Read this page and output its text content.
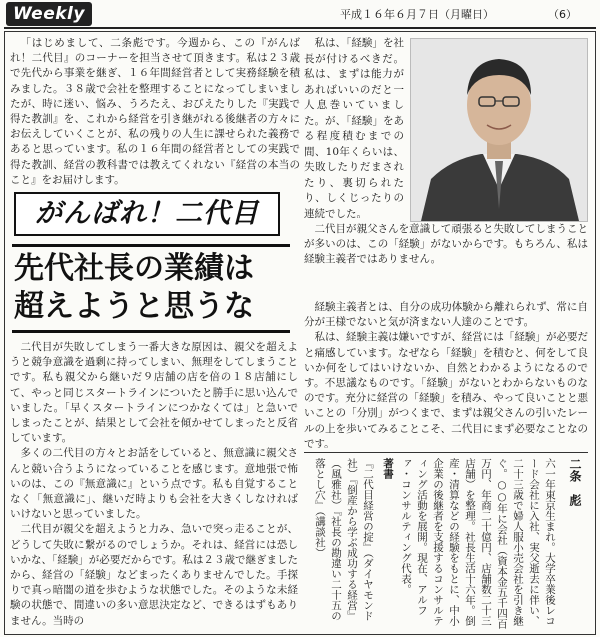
Weekly	平成１６年６月７日（月曜日）	（6）

「はじめまして、二条彪です。今週から、この『がんばれ！二代目』のコーナーを担当させて頂きます。私は２３歳で先代から事業を継ぎ、１６年間経営者として実務経験を積みました。３８歳で会社を整理することになってしまいましたが、時に迷い、悩み、うろたえ、おびえたりした『実践で得た教訓』を、これから経営を引き継がれる後継者の方々にお伝えしていくことが、私の残りの人生に課せられた義務であると思っています。私の１６年間の経営者としての実践で得た教訓、経営の教科書では教えてくれない『経営の本当のこと』をお届けします。

私は、「経験」を社長が付けるべきだ。私は、まずは能力があればいいのだと一人息巻いていました。が、「経験」をある程度積むまでの間、10年くらいは、失敗したりだまされたり、裏切られたり、しくじったりの連続でした。

二代目が親父さんを意識して頑張ると失敗してしまうことが多いのは、この「経験」がないからです。もちろん、私は経験主義者ではありません。

がんばれ！二代目
先代社長の業績は
超えようと思うな	経験主義者とは、自分の成功体験から離れられず、常に自分が王様でないと気が済まない人達のことです。

私は、経験主義は嫌いですが、経営には「経験」が必要だと痛感しています。なぜなら「経験」を積むと、何をして良いか何をしてはいけないか、自然とわかるようになるのです。不思議なものです。「経験」がないとわからないものなのです。充分に経営の「経験」を積み、やって良いことと悪いことの「分別」がつくまで、まずは親父さんの引いたレールの上を歩いてみることこそ、二代目にまず必要なことなのです。

二代目が失敗してしまう一番大きな原因は、親父を超えようと競争意識を過剰に持ってしまい、無理をしてしまうことです。私も親父から継いだ９店舗の店を倍の１８店舗にして、やっと同じスタートラインについたと勝手に思い込んでいました。「早くスタートラインにつかなくては」と急いでしまったことが、結果として会社を傾かせてしまったと反省しています。

多くの二代目の方々とお話をしていると、無意識に親父さんと競い合うようになっていることを感じます。意地張で怖いのは、この『無意識に』という点です。私も自覚することなく「無意識に」、継いだ時よりも会社を大きくしなければいけないと思っていました。

二代目が親父を超えようと力み、急いで突っ走ることが、どうして失敗に繋がるのでしょうか。それは、経営には恐しいかな、「経験」が必要だからです。私は２３歳で継ぎましたから、経営の「経験」などまったくありませんでした。手探りで真っ暗闇の道を歩むような状態でした。そのような未経験の状態で、間違いの多い意思決定など、できるはずもありません。当時の

二条　彪
六一年東京生まれ。大学卒業後レコード会社に入社、実父逝去に伴い、二十三歳で婦人服小売会社を引き継ぐ。○○年に会社（資本金五千四百万円、年商二十億円、店舗数二十三店舗）を整理。社長生活十六年。倒産・清算などの経験をもとに、中小企業の後継者を支援するコンサルティング活動を展開。現在、アルファ・コンサルティング代表。
著書
『二代目経営の掟』（ダイヤモンド社）『倒産から学ぶ成功する経営』（風雅社）『社長の勘違い二十五の落とし穴』（講談社）
